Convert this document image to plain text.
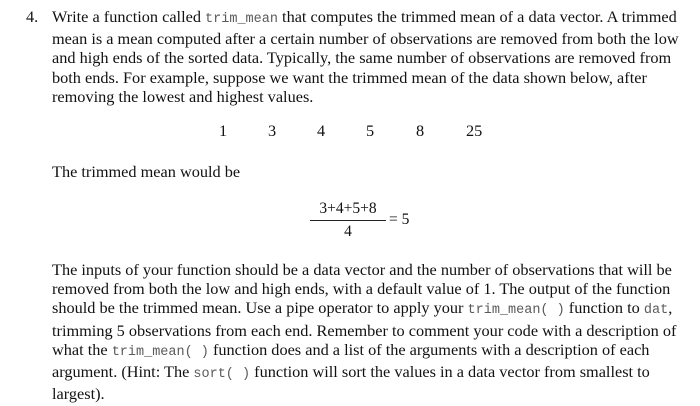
4. Write a function called trim_mean that computes the trimmed mean of a data vector. A trimmed mean is a mean computed after a certain number of observations are removed from both the low and high ends of the sorted data. Typically, the same number of observations are removed from both ends. For example, suppose we want the trimmed mean of the data shown below, after removing the lowest and highest values.
1	3	4	5	8	25
The trimmed mean would be
3+4+5+8
4
= 5
The inputs of your function should be a data vector and the number of observations that will be removed from both the low and high ends, with a default value of 1. The output of the function should be the trimmed mean. Use a pipe operator to apply your trim_mean( ) function to dat, trimming 5 observations from each end. Remember to comment your code with a description of what the trim_mean( ) function does and a list of the arguments with a description of each argument. (Hint: The sort( ) function will sort the values in a data vector from smallest to largest).
